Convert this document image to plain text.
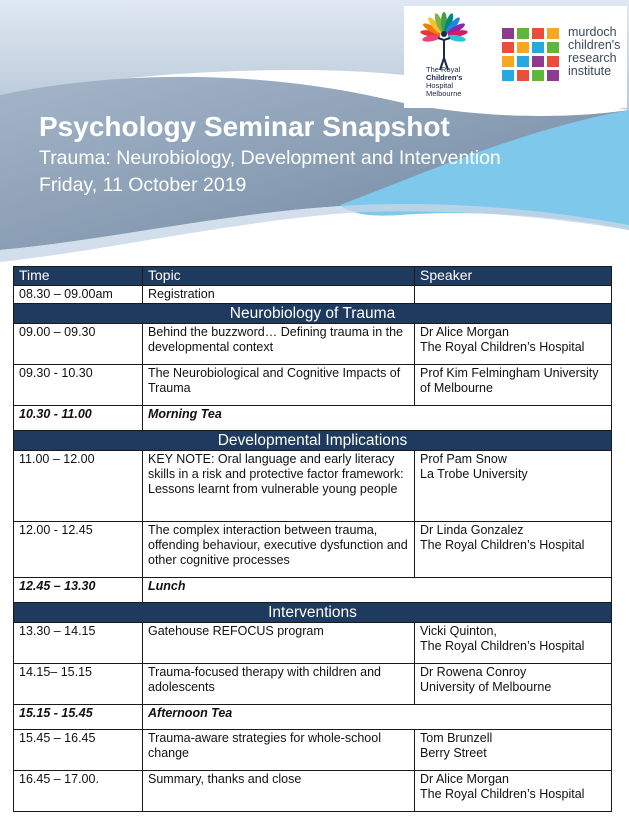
The Royal
Children's
Hospital
Melbourne
murdoch
children's
research
institute
Psychology Seminar Snapshot
Trauma: Neurobiology, Development and Intervention
Friday, 11 October 2019
Time	Topic	Speaker
08.30 – 09.00am	Registration	
Neurobiology of Trauma		
09.00 – 09.30	Behind the buzzword… Defining trauma in the developmental context	Dr Alice Morgan
The Royal Children’s Hospital
09.30 - 10.30	The Neurobiological and Cognitive Impacts of Trauma	Prof Kim Felmingham University of Melbourne
10.30 - 11.00	Morning Tea	
Developmental Implications		
11.00 – 12.00	KEY NOTE: Oral language and early literacy skills in a risk and protective factor framework: Lessons learnt from vulnerable young people	Prof Pam Snow
La Trobe University
12.00 - 12.45	The complex interaction between trauma, offending behaviour, executive dysfunction and other cognitive processes	Dr Linda Gonzalez
The Royal Children’s Hospital
12.45 – 13.30	Lunch	
Interventions		
13.30 – 14.15	Gatehouse REFOCUS program	Vicki Quinton,
The Royal Children’s Hospital
14.15– 15.15	Trauma-focused therapy with children and adolescents	Dr Rowena Conroy
University of Melbourne
15.15 - 15.45	Afternoon Tea	
15.45 – 16.45	Trauma-aware strategies for whole-school change	Tom Brunzell
Berry Street
16.45 – 17.00.	Summary, thanks and close	Dr Alice Morgan
The Royal Children’s Hospital
